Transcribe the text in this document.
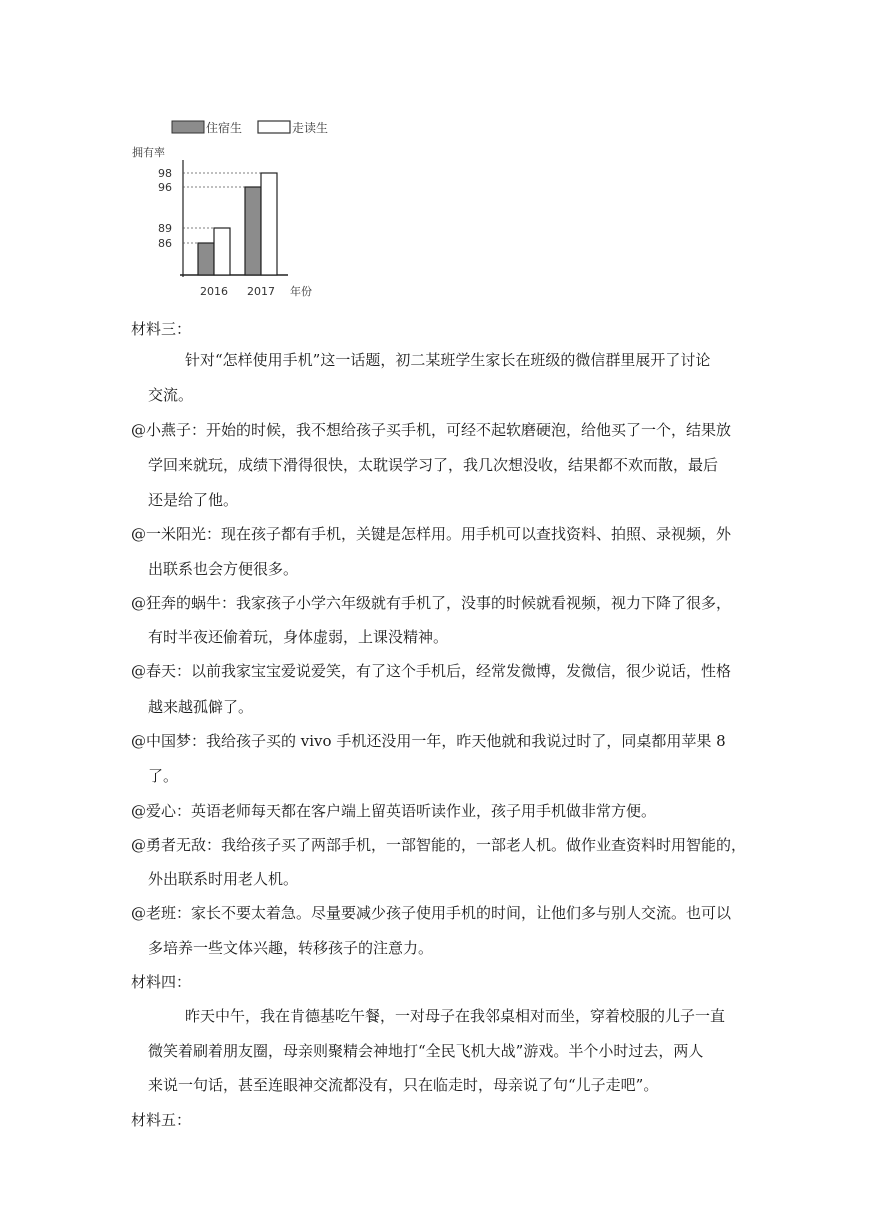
住宿生	走读生
拥有率
86
89
96
98
2016 2017 年份
材料三：
针对“怎样使用手机”这一话题，初二某班学生家长在班级的微信群里展开了讨论
交流。
@小燕子：开始的时候，我不想给孩子买手机，可经不起软磨硬泡，给他买了一个，结果放
学回来就玩，成绩下滑得很快，太耽误学习了，我几次想没收，结果都不欢而散，最后
还是给了他。
@一米阳光：现在孩子都有手机，关键是怎样用。用手机可以查找资料、拍照、录视频，外
出联系也会方便很多。
@狂奔的蜗牛：我家孩子小学六年级就有手机了，没事的时候就看视频，视力下降了很多，
有时半夜还偷着玩，身体虚弱，上课没精神。
@春天：以前我家宝宝爱说爱笑，有了这个手机后，经常发微博，发微信，很少说话，性格
越来越孤僻了。
@中国梦：我给孩子买的 vivo 手机还没用一年，昨天他就和我说过时了，同桌都用苹果 8
了。
@爱心：英语老师每天都在客户端上留英语听读作业，孩子用手机做非常方便。
@勇者无敌：我给孩子买了两部手机，一部智能的，一部老人机。做作业查资料时用智能的，
外出联系时用老人机。
@老班：家长不要太着急。尽量要减少孩子使用手机的时间，让他们多与别人交流。也可以
多培养一些文体兴趣，转移孩子的注意力。
材料四：
昨天中午，我在肯德基吃午餐，一对母子在我邻桌相对而坐，穿着校服的儿子一直
微笑着刷着朋友圈，母亲则聚精会神地打“全民飞机大战”游戏。半个小时过去，两人
来说一句话，甚至连眼神交流都没有，只在临走时，母亲说了句“儿子走吧”。
材料五：
